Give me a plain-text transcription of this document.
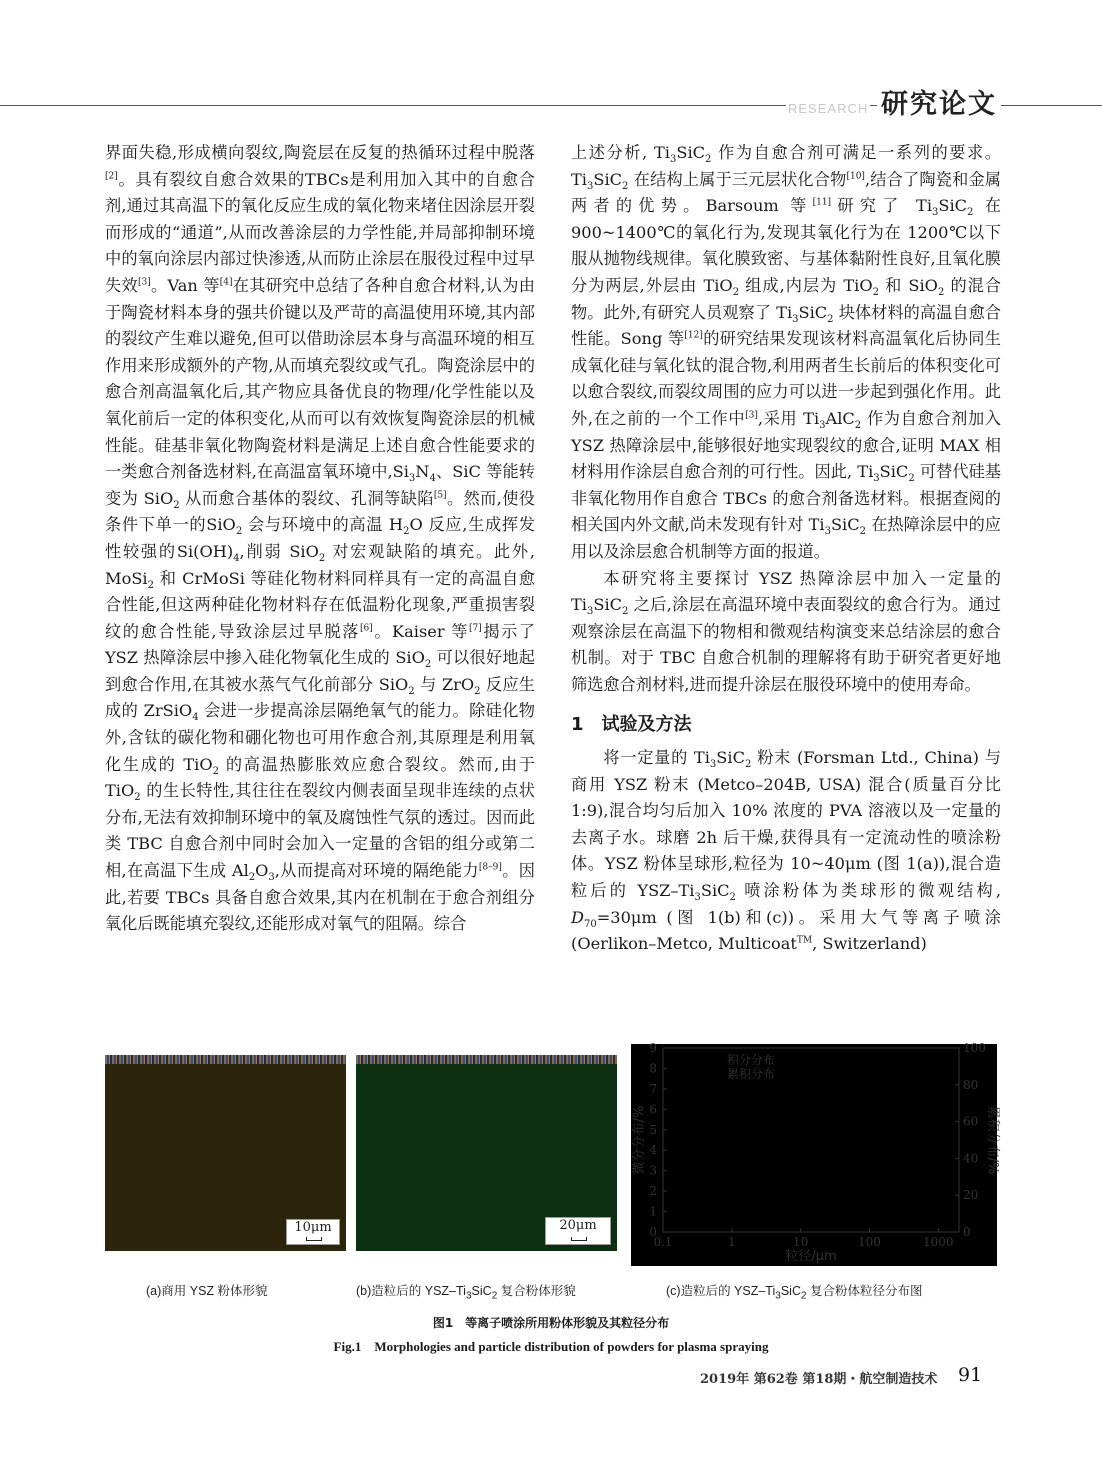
RESEARCH 研究论文

界面失稳,形成横向裂纹,陶瓷层在反复的热循环过程中脱落[2]。具有裂纹自愈合效果的TBCs是利用加入其中的自愈合剂,通过其高温下的氧化反应生成的氧化物来堵住因涂层开裂而形成的“通道”,从而改善涂层的力学性能,并局部抑制环境中的氧向涂层内部过快渗透,从而防止涂层在服役过程中过早失效[3]。Van 等[4]在其研究中总结了各种自愈合材料,认为由于陶瓷材料本身的强共价键以及严苛的高温使用环境,其内部的裂纹产生难以避免,但可以借助涂层本身与高温环境的相互作用来形成额外的产物,从而填充裂纹或气孔。陶瓷涂层中的愈合剂高温氧化后,其产物应具备优良的物理/化学性能以及氧化前后一定的体积变化,从而可以有效恢复陶瓷涂层的机械性能。硅基非氧化物陶瓷材料是满足上述自愈合性能要求的一类愈合剂备选材料,在高温富氧环境中$,Si_3N_4$、SiC 等能转变为 SiO$_2$ 从而愈合基体的裂纹、孔洞等缺陷[5]。然而,使役条件下单一的SiO$_2$ 会与环境中的高温 $H_2O$ 反应,生成挥发性较强的$Si(OH)_4$,削弱 SiO$_2$ 对宏观缺陷的填充。此外, MoSi$_2$ 和 CrMoSi 等硅化物材料同样具有一定的高温自愈合性能,但这两种硅化物材料存在低温粉化现象,严重损害裂纹的愈合性能,导致涂层过早脱落[6]。Kaiser 等[7]揭示了 YSZ 热障涂层中掺入硅化物氧化生成的 SiO$_2$ 可以很好地起到愈合作用,在其被水蒸气气化前部分 SiO$_2$ 与 ZrO$_2$ 反应生成的 ZrSiO$_4$ 会进一步提高涂层隔绝氧气的能力。除硅化物外,含钛的碳化物和硼化物也可用作愈合剂,其原理是利用氧化生成的 TiO$_2$ 的高温热膨胀效应愈合裂纹。然而,由于 TiO$_2$ 的生长特性,其往往在裂纹内侧表面呈现非连续的点状分布,无法有效抑制环境中的氧及腐蚀性气氛的透过。因而此类 TBC 自愈合剂中同时会加入一定量的含铝的组分或第二相,在高温下生成 $Al_2O_3$,从而提高对环境的隔绝能力[8–9]。因此,若要 TBCs 具备自愈合效果,其内在机制在于愈合剂组分氧化后既能填充裂纹,还能形成对氧气的阻隔。综合

上述分析, $Ti_3SiC_2$ 作为自愈合剂可满足一系列的要求。$Ti_3SiC_2$ 在结构上属于三元层状化合物[10],结合了陶瓷和金属两者的优势。Barsoum 等[11]研究了 $Ti_3SiC_2$ 在 900~1400℃的氧化行为,发现其氧化行为在 1200℃以下服从抛物线规律。氧化膜致密、与基体黏附性良好,且氧化膜分为两层,外层由 TiO$_2$ 组成,内层为 TiO$_2$ 和 SiO$_2$ 的混合物。此外,有研究人员观察了 $Ti_3SiC_2$ 块体材料的高温自愈合性能。Song 等[12]的研究结果发现该材料高温氧化后协同生成氧化硅与氧化钛的混合物,利用两者生长前后的体积变化可以愈合裂纹,而裂纹周围的应力可以进一步起到强化作用。此外,在之前的一个工作中[3],采用 $Ti_3AlC_2$ 作为自愈合剂加入 YSZ 热障涂层中,能够很好地实现裂纹的愈合,证明 MAX 相材料用作涂层自愈合剂的可行性。因此, $Ti_3SiC_2$ 可替代硅基非氧化物用作自愈合 TBCs 的愈合剂备选材料。根据查阅的相关国内外文献,尚未发现有针对 $Ti_3SiC_2$ 在热障涂层中的应用以及涂层愈合机制等方面的报道。

本研究将主要探讨 YSZ 热障涂层中加入一定量的 $Ti_3SiC_2$ 之后,涂层在高温环境中表面裂纹的愈合行为。通过观察涂层在高温下的物相和微观结构演变来总结涂层的愈合机制。对于 TBC 自愈合机制的理解将有助于研究者更好地筛选愈合剂材料,进而提升涂层在服役环境中的使用寿命。

1 试验及方法

将一定量的 $Ti_3SiC_2$ 粉末 (Forsman Ltd., China) 与商用 YSZ 粉末 (Metco–204B, USA) 混合(质量百分比 1:9),混合均匀后加入 10% 浓度的 PVA 溶液以及一定量的去离子水。球磨 2h 后干燥,获得具有一定流动性的喷涂粉体。YSZ 粉体呈球形,粒径为 10~40μm (图 1(a)),混合造粒后的 YSZ–$Ti_3SiC_2$ 喷涂粉体为类球形的微观结构, $D_{70}=30\mu m$ (图 1(b)和(c))。采用大气等离子喷涂(Oerlikon–Metco, Multicoat™, Switzerland)

10μm	20μm
0.1	1	10	100	1000
0
1
2
3
4
5
6
7
8
9
0
20
40
60
80
100
粒径/μm
微分分布/%	累积分布/%
积分分布
累积分布
(a)商用 YSZ 粉体形貌	(b)造粒后的 YSZ–$Ti_3SiC_2$ 复合粉体形貌	(c)造粒后的 YSZ–$Ti_3SiC_2$ 复合粉体粒径分布图
图1　等离子喷涂所用粉体形貌及其粒径分布
Fig.1　Morphologies and particle distribution of powders for plasma spraying
2019年 第62卷 第18期・航空制造技术 91
